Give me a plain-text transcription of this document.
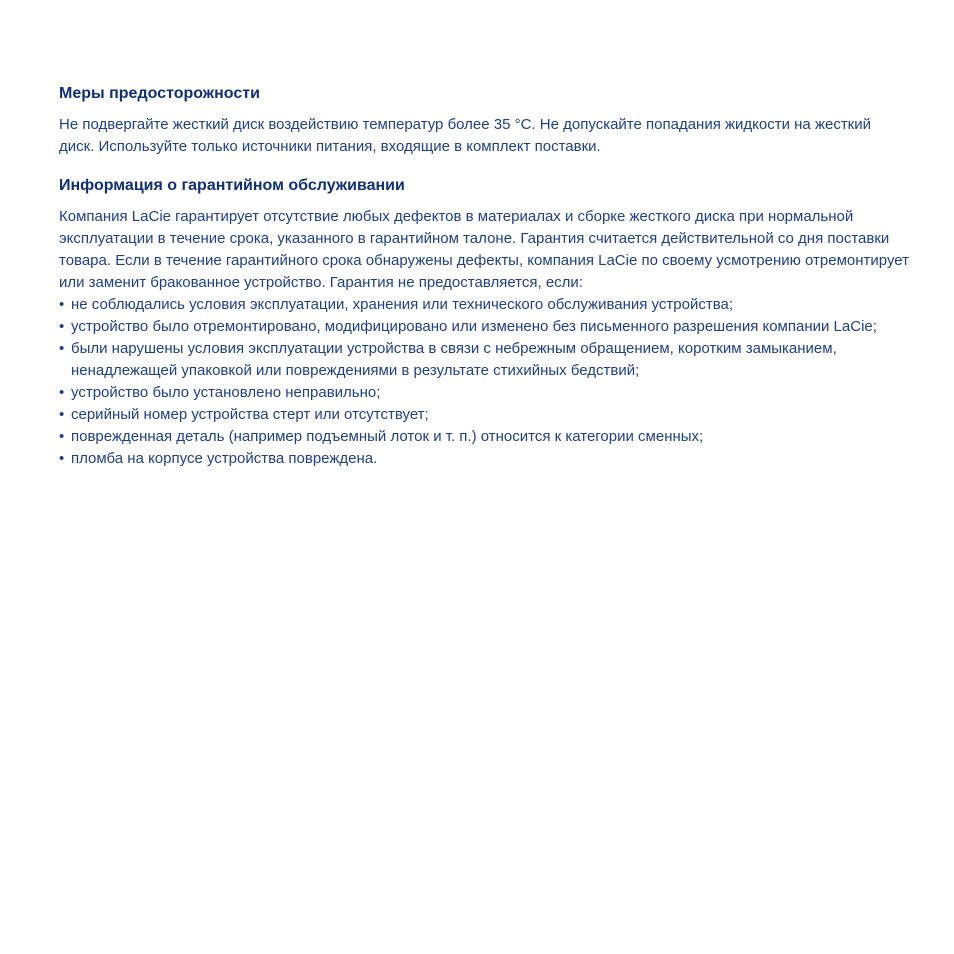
Меры предосторожности

Не подвергайте жесткий диск воздействию температур более 35 °C. Не допускайте попадания жидкости на жесткий диск. Используйте только источники питания, входящие в комплект поставки.

Информация о гарантийном обслуживании

Компания LaCie гарантирует отсутствие любых дефектов в материалах и сборке жесткого диска при нормальной эксплуатации в течение срока, указанного в гарантийном талоне. Гарантия считается действительной со дня поставки товара. Если в течение гарантийного срока обнаружены дефекты, компания LaCie по своему усмотрению отремонтирует или заменит бракованное устройство. Гарантия не предоставляется, если:

• не соблюдались условия эксплуатации, хранения или технического обслуживания устройства;
• устройство было отремонтировано, модифицировано или изменено без письменного разрешения компании LaCie;
• были нарушены условия эксплуатации устройства в связи с небрежным обращением, коротким замыканием, ненадлежащей упаковкой или повреждениями в результате стихийных бедствий;
• устройство было установлено неправильно;
• серийный номер устройства стерт или отсутствует;
• поврежденная деталь (например подъемный лоток и т. п.) относится к категории сменных;
• пломба на корпусе устройства повреждена.
